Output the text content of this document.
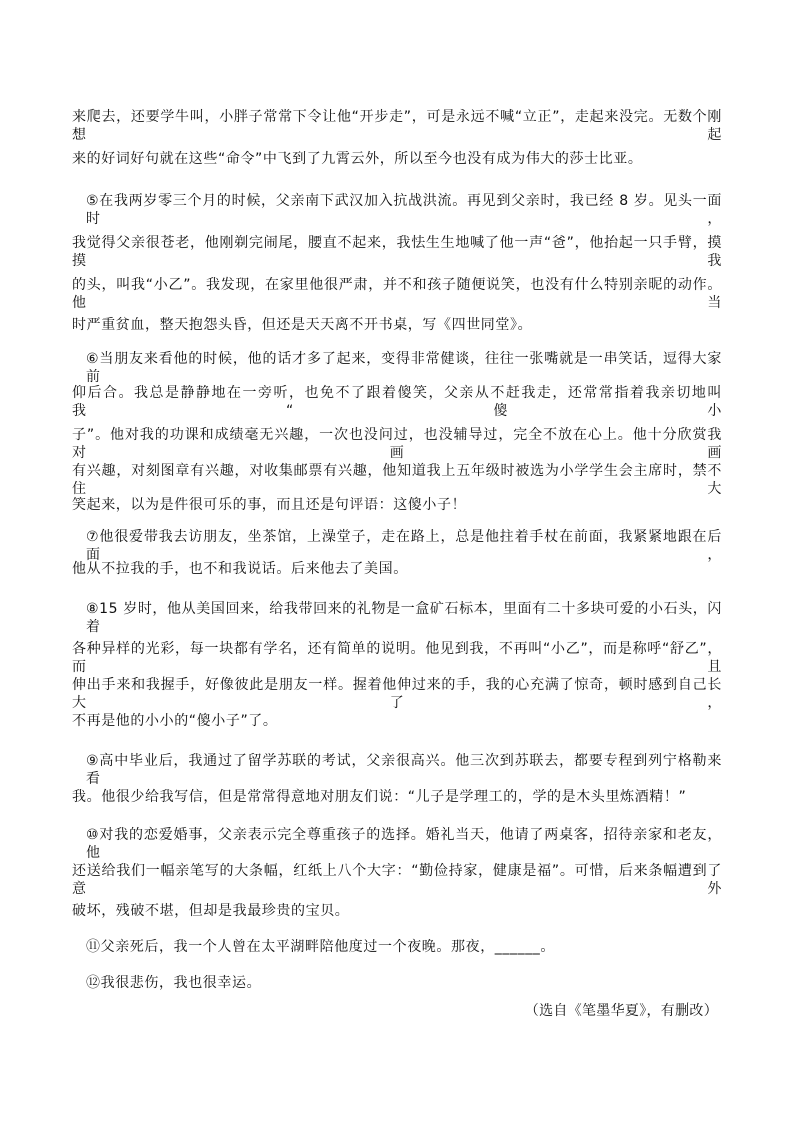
来爬去，还要学牛叫，小胖子常常下令让他“开步走”，可是永远不喊“立正”，走起来没完。无数个刚想起
来的好词好句就在这些“命令”中飞到了九霄云外，所以至今也没有成为伟大的莎士比亚。
⑤在我两岁零三个月的时候，父亲南下武汉加入抗战洪流。再见到父亲时，我已经 8 岁。见头一面时，
我觉得父亲很苍老，他刚剃完闹尾，腰直不起来，我怯生生地喊了他一声“爸”，他抬起一只手臂，摸摸我
的头，叫我“小乙”。我发现，在家里他很严肃，并不和孩子随便说笑，也没有什么特别亲昵的动作。他当
时严重贫血，整天抱怨头昏，但还是天天离不开书桌，写《四世同堂》。
⑥当朋友来看他的时候，他的话才多了起来，变得非常健谈，往往一张嘴就是一串笑话，逗得大家前
仰后合。我总是静静地在一旁听，也免不了跟着傻笑，父亲从不赶我走，还常常指着我亲切地叫我“傻小
子”。他对我的功课和成绩毫无兴趣，一次也没问过，也没辅导过，完全不放在心上。他十分欣赏我对画画
有兴趣，对刻图章有兴趣，对收集邮票有兴趣，他知道我上五年级时被选为小学学生会主席时，禁不住大
笑起来，以为是件很可乐的事，而且还是句评语：这傻小子！
⑦他很爱带我去访朋友，坐茶馆，上澡堂子，走在路上，总是他拄着手杖在前面，我紧紧地跟在后面，
他从不拉我的手，也不和我说话。后来他去了美国。
⑧15 岁时，他从美国回来，给我带回来的礼物是一盒矿石标本，里面有二十多块可爱的小石头，闪着
各种异样的光彩，每一块都有学名，还有简单的说明。他见到我，不再叫“小乙”，而是称呼“舒乙”，而且
伸出手来和我握手，好像彼此是朋友一样。握着他伸过来的手，我的心充满了惊奇，顿时感到自己长大了，
不再是他的小小的“傻小子”了。
⑨高中毕业后，我通过了留学苏联的考试，父亲很高兴。他三次到苏联去，都要专程到列宁格勒来看
我。他很少给我写信，但是常常得意地对朋友们说：“儿子是学理工的，学的是木头里炼酒精！”
⑩对我的恋爱婚事，父亲表示完全尊重孩子的选择。婚礼当天，他请了两桌客，招待亲家和老友，他
还送给我们一幅亲笔写的大条幅，红纸上八个大字：“勤俭持家，健康是福”。可惜，后来条幅遭到了意外
破坏，残破不堪，但却是我最珍贵的宝贝。
⑪父亲死后，我一个人曾在太平湖畔陪他度过一个夜晚。那夜，______。
⑫我很悲伤，我也很幸运。
（选自《笔墨华夏》，有删改）
